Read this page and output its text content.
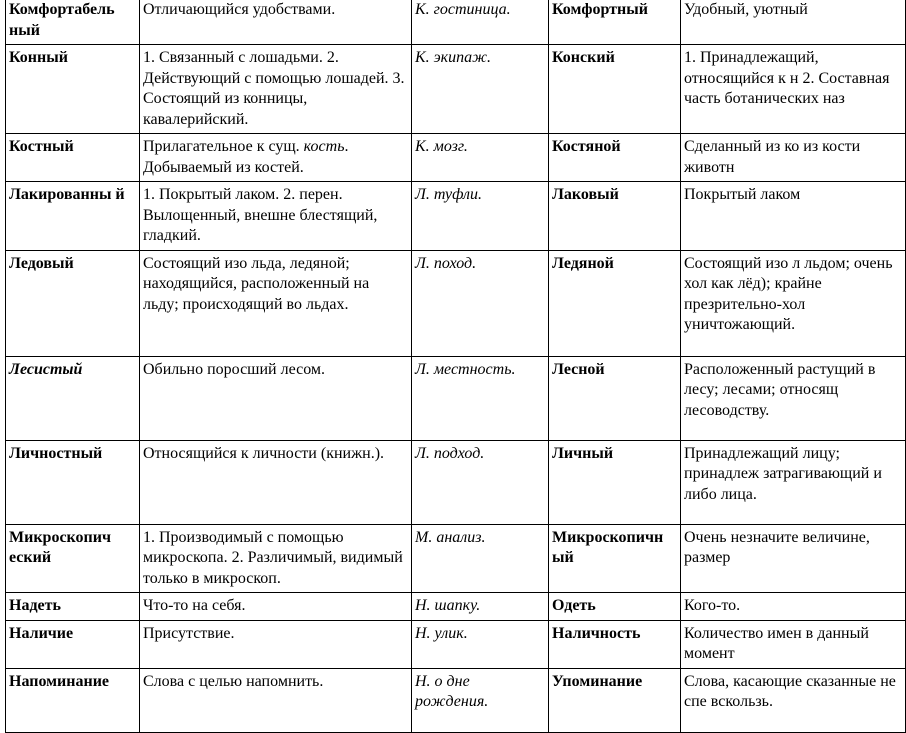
Комфортабель ный	Отличающийся удобствами.	К. гостиница.	Комфортный	Удобный, уютный
Конный	1. Связанный с лошадьми. 2. Действующий с помощью лошадей. 3. Состоящий из конницы, кавалерийский.	К. экипаж.	Конский	1. Принадлежащий, относящийся к н 2. Составная часть ботанических наз
Костный	Прилагательное к сущ. кость. Добываемый из костей.	К. мозг.	Костяной	Сделанный из ко из кости животн
Лакированны й	1. Покрытый лаком. 2. перен. Вылощенный, внешне блестящий, гладкий.	Л. туфли.	Лаковый	Покрытый лаком
Ледовый	Состоящий изо льда, ледяной; находящийся, расположенный на льду; происходящий во льдах.	Л. поход.	Ледяной	Состоящий изо л льдом; очень хол как лёд); крайне презрительно-хол уничтожающий.
Лесистый	Обильно поросший лесом.	Л. местность.	Лесной	Расположенный растущий в лесу; лесами; относящ лесоводству.
Личностный	Относящийся к личности (книжн.).	Л. подход.	Личный	Принадлежащий лицу; принадлеж затрагивающий и либо лица.
Микроскопич еский	1. Производимый с помощью микроскопа. 2. Различимый, видимый только в микроскоп.	М. анализ.	Микроскопичн ый	Очень незначите величине, размер
Надеть	Что-то на себя.	Н. шапку.	Одеть	Кого-то.
Наличие	Присутствие.	Н. улик.	Наличность	Количество имен в данный момент
Напоминание	Слова с целью напомнить.	Н. о дне рождения.	Упоминание	Слова, касающие сказанные не спе вскользь.
